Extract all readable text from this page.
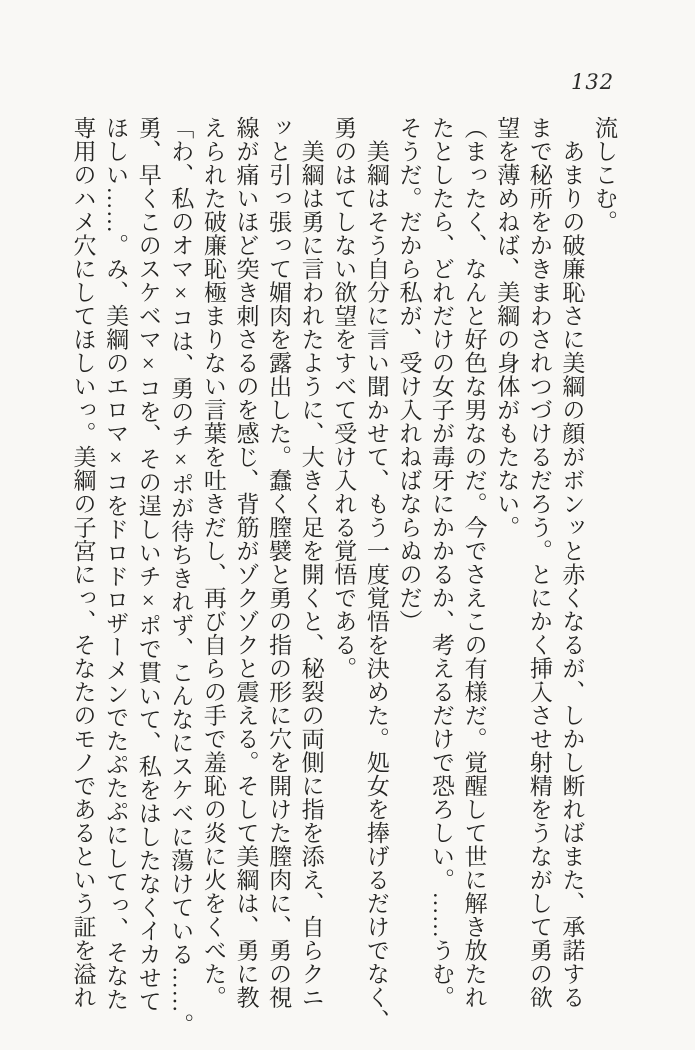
132

流しこむ。

　あまりの破廉恥さに美綱の顔がボンッと赤くなるが、しかし断ればまた、承諾する

まで秘所をかきまわされつづけるだろう。とにかく挿入させ射精をうながして勇の欲

望を薄めねば、美綱の身体がもたない。

（まったく、なんと好色な男なのだ。今でさえこの有様だ。覚醒して世に解き放たれ

たとしたら、どれだけの女子が毒牙にかかるか、考えるだけで恐ろしい。……うむ。

そうだ。だから私が、受け入れねばならぬのだ）

　美綱はそう自分に言い聞かせて、もう一度覚悟を決めた。処女を捧げるだけでなく、

勇のはてしない欲望をすべて受け入れる覚悟である。

　美綱は勇に言われたように、大きく足を開くと、秘裂の両側に指を添え、自らクニ

ッと引っ張って媚肉を露出した。蠢く膣襞と勇の指の形に穴を開けた膣肉に、勇の視

線が痛いほど突き刺さるのを感じ、背筋がゾクゾクと震える。そして美綱は、勇に教

えられた破廉恥極まりない言葉を吐きだし、再び自らの手で羞恥の炎に火をくべた。

「わ、私のオマ×コは、勇のチ×ポが待ちきれず、こんなにスケベに蕩けている……。

勇、早くこのスケベマ×コを、その逞しいチ×ポで貫いて、私をはしたなくイカせて

ほしい……。み、美綱のエロマ×コをドロドロザーメンでたぷたぷにしてっ、そなた

専用のハメ穴にしてほしいっ。美綱の子宮にっ、そなたのモノであるという証を溢れ
